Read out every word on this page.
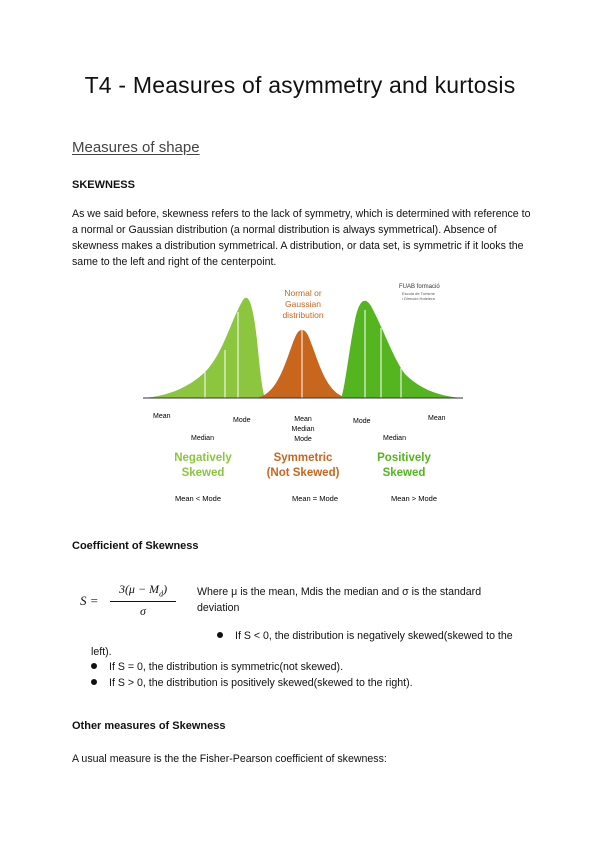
T4 - Measures of asymmetry and kurtosis
Measures of shape
SKEWNESS
As we said before, skewness refers to the lack of symmetry, which is determined with reference to a normal or Gaussian distribution (a normal distribution is always symmetrical). Absence of skewness makes a distribution symmetrical. A distribution, or data set, is symmetric if it looks the same to the left and right of the centerpoint.
Normal or
Gaussian
distribution
FUAB formació
Escola de Turisme
i Direcció Hotelera
Mean
Median
Mode
Negatively
Skewed
Mean < Mode
Mean
Median
Mode
Symmetric
(Not Skewed)
Mean = Mode
Mode	Mean
Median
Positively
Skewed
Mean > Mode
Coefficient of Skewness
S =
$3(\mu - M_d)$
σ
Where μ is the mean, Mdis the median and σ is the standard deviation
If S < 0, the distribution is negatively skewed(skewed to the
left).
If S = 0, the distribution is symmetric(not skewed).
If S > 0, the distribution is positively skewed(skewed to the right).
Other measures of Skewness
A usual measure is the the Fisher-Pearson coefficient of skewness:
